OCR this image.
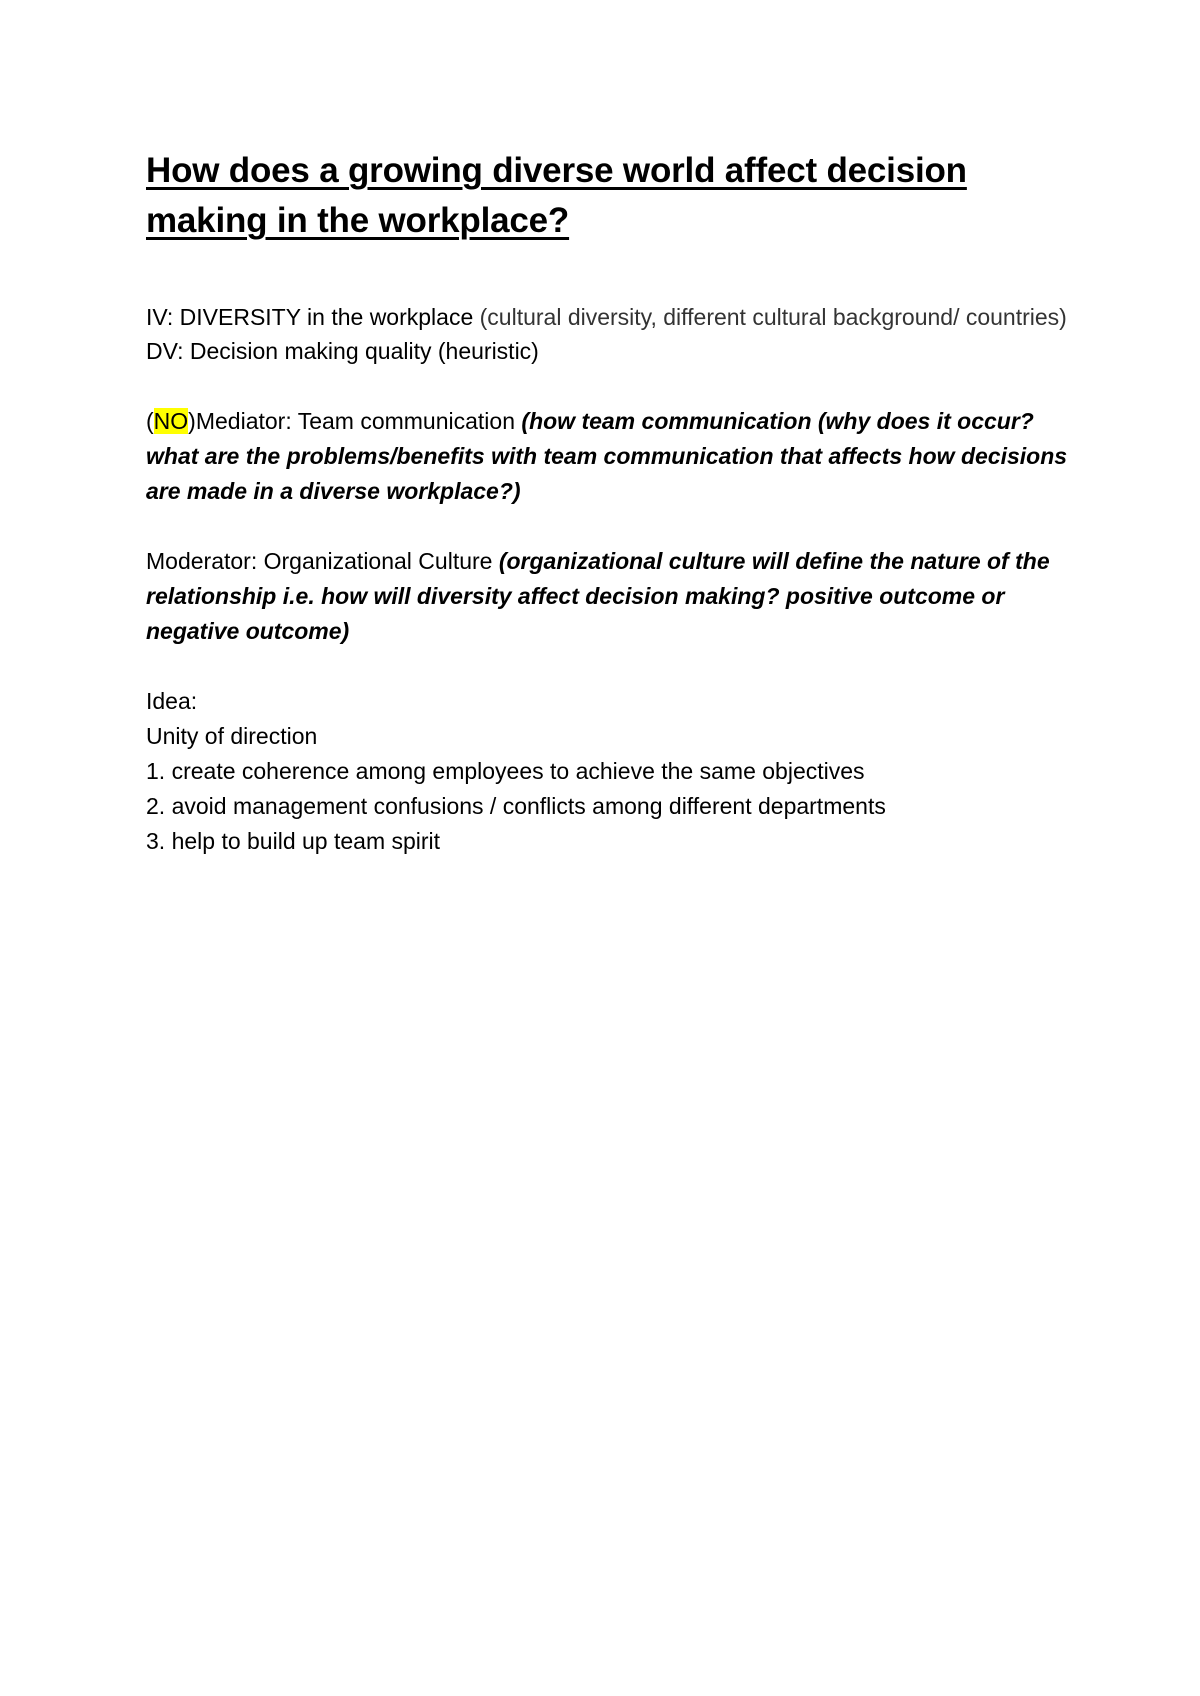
How does a growing diverse world affect decision making in the workplace?

IV: DIVERSITY in the workplace (cultural diversity, different cultural background/ countries)

DV: Decision making quality (heuristic)

(NO)Mediator: Team communication (how team communication (why does it occur? what are the problems/benefits with team communication that affects how decisions are made in a diverse workplace?)

Moderator: Organizational Culture (organizational culture will define the nature of the relationship i.e. how will diversity affect decision making? positive outcome or negative outcome)

Idea:

Unity of direction

1. create coherence among employees to achieve the same objectives
2. avoid management confusions / conflicts among different departments
3. help to build up team spirit
